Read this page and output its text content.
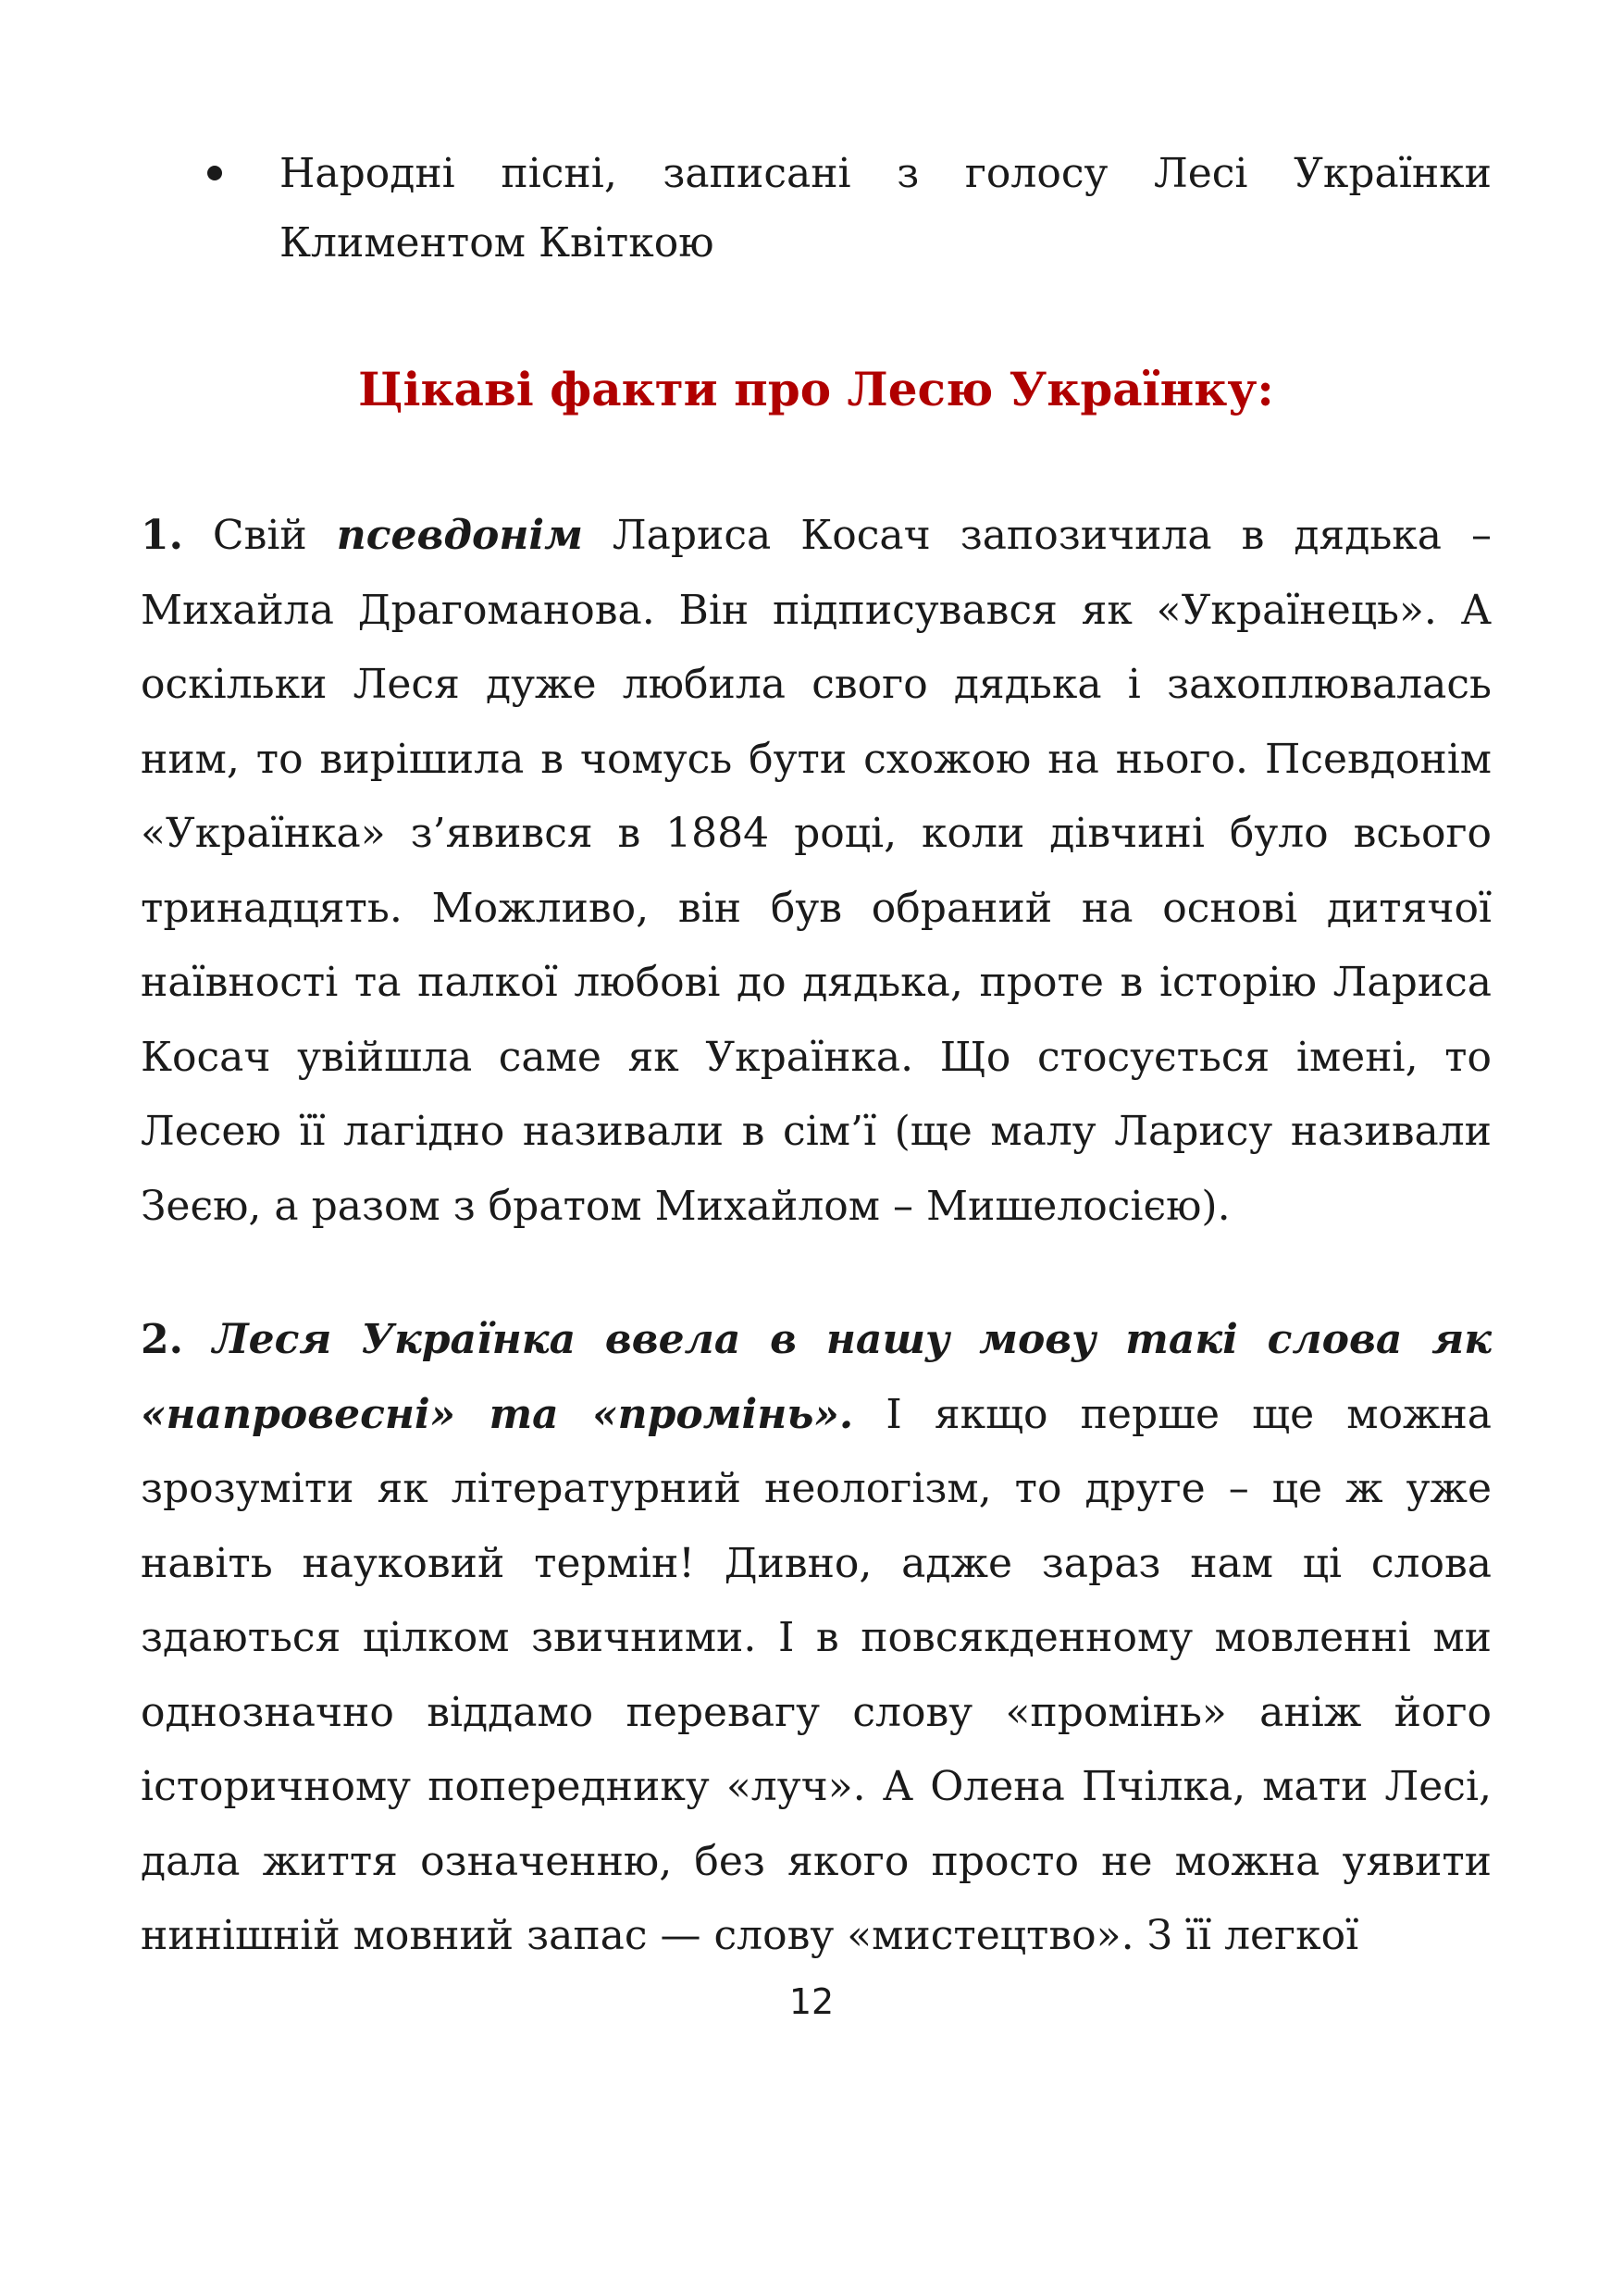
Народні пісні, записані з голосу Лесі Українки Климентом Квіткою
Цікаві факти про Лесю Українку:

1. Свій псевдонім Лариса Косач запозичила в дядька – Михайла Драгоманова. Він підписувався як «Українець». А оскільки Леся дуже любила свого дядька і захоплювалась ним, то вирішила в чомусь бути схожою на нього. Псевдонім «Українка» з’явився в 1884 році, коли дівчині було всього тринадцять. Можливо, він був обраний на основі дитячої наївності та палкої любові до дядька, проте в історію Лариса Косач увійшла саме як Українка. Що стосується імені, то Лесею її лагідно називали в сім’ї (ще малу Ларису називали Зеєю, а разом з братом Михайлом – Мишелосією).

2. Леся Українка ввела в нашу мову такі слова як «напровесні» та «промінь». І якщо перше ще можна зрозуміти як літературний неологізм, то друге – це ж уже навіть науковий термін! Дивно, адже зараз нам ці слова здаються цілком звичними. І в повсякденному мовленні ми однозначно віддамо перевагу слову «промінь» аніж його історичному попереднику «луч». А Олена Пчілка, мати Лесі, дала життя означенню, без якого просто не можна уявити нинішній мовний запас — слову «мистецтво». З її легкої

12
